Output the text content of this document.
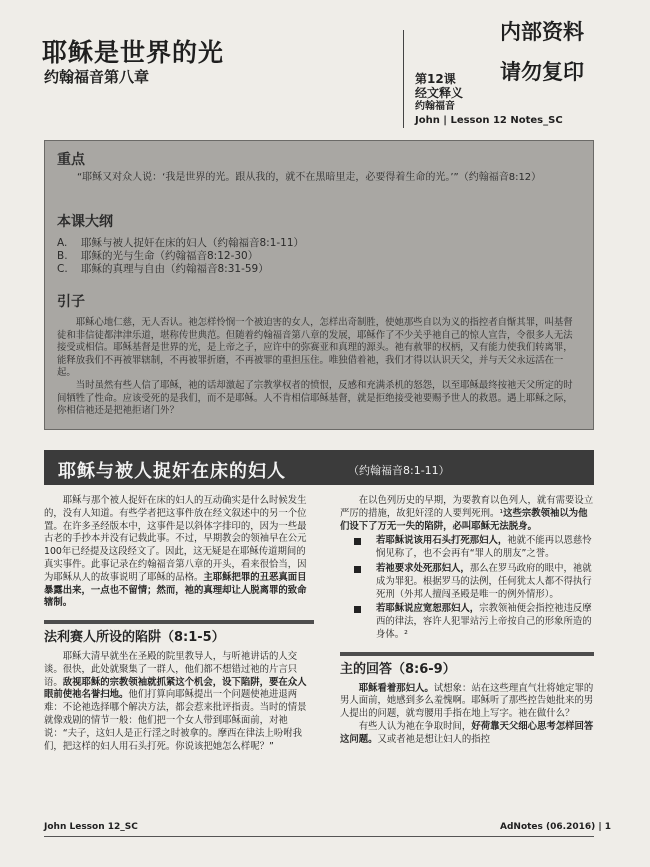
耶稣是世界的光
约翰福音第八章
内部资料
请勿复印
第12课
经文释义
约翰福音
John | Lesson 12 Notes_SC
重点
“耶稣又对众人说：‘我是世界的光。跟从我的，就不在黑暗里走，必要得着生命的光。’”（约翰福音8:12）
本课大纲
A. 耶稣与被人捉奸在床的妇人（约翰福音8:1-11）
B. 耶稣的光与生命（约翰福音8:12-30）
C. 耶稣的真理与自由（约翰福音8:31-59）
引子

耶稣心地仁慈，无人否认。祂怎样怜悯一个被迫害的女人，怎样出奇制胜，使她那些自以为义的指控者自惭其罪，叫基督徒和非信徒都津津乐道，堪称传世典范。但随着约翰福音第八章的发展，耶稣作了不少关乎祂自己的惊人宣告，令很多人无法接受或相信。耶稣基督是世界的光，是上帝之子，应许中的弥赛亚和真理的源头。祂有赦罪的权柄，又有能力使我们转离罪，能释放我们不再被罪辖制，不再被罪折磨，不再被罪的重担压住。唯独借着祂，我们才得以认识天父，并与天父永远活在一起。

当时虽然有些人信了耶稣，祂的话却激起了宗教掌权者的愤恨，反感和充满杀机的怒怨，以至耶稣最终按祂天父所定的时间牺牲了性命。应该受死的是我们，而不是耶稣。人不肯相信耶稣基督，就是拒绝接受祂要赐予世人的救恩。遇上耶稣之际，你相信祂还是把祂拒诸门外？

耶稣与被人捉奸在床的妇人	（约翰福音8:1-11）

耶稣与那个被人捉奸在床的妇人的互动确实是什么时候发生的，没有人知道。有些学者把这事件放在经文叙述中的另一个位置。在许多圣经版本中，这事件是以斜体字排印的，因为一些最古老的手抄本并没有记载此事。不过，早期教会的领袖早在公元100年已经提及这段经文了。因此，这无疑是在耶稣传道期间的真实事件。此事记录在约翰福音第八章的开头，看来很恰当，因为耶稣从人的故事说明了耶稣的品格。主耶稣把罪的丑恶真面目暴露出来，一点也不留情；然而，祂的真理却让人脱离罪的致命辖制。

法利赛人所设的陷阱（8:1-5）

耶稣大清早就坐在圣殿的院里教导人，与听祂讲话的人交谈。很快，此处就聚集了一群人，他们都不想错过祂的片言只语。敌视耶稣的宗教领袖就抓紧这个机会，设下陷阱，要在众人眼前使祂名誉扫地。他们打算向耶稣提出一个问题使祂进退两难：不论祂选择哪个解决方法，都会惹来批评指责。当时的情景就像戏剧的情节一般：他们把一个女人带到耶稣面前，对祂说：“夫子，这妇人是正行淫之时被拿的。摩西在律法上吩咐我们，把这样的妇人用石头打死。你说该把她怎么样呢？”

在以色列历史的早期，为要教育以色列人，就有需要设立严厉的措施，故犯奸淫的人要判死刑。¹这些宗教领袖以为他们设下了万无一失的陷阱，必叫耶稣无法脱身。

若耶稣说该用石头打死那妇人，祂就不能再以恩慈怜悯见称了，也不会再有“罪人的朋友”之誉。
若祂要求处死那妇人，那么在罗马政府的眼中，祂就成为罪犯。根据罗马的法例，任何犹太人都不得执行死刑（外邦人擅闯圣殿是唯一的例外情形）。
若耶稣说应宽恕那妇人，宗教领袖便会指控祂违反摩西的律法，容许人犯罪站污上帝按自己的形象所造的身体。²
主的回答（8:6-9）

耶稣看着那妇人。试想象：站在这些理直气壮将她定罪的男人面前，她感到多么羞愧啊。耶稣听了那些控告她批来的男人提出的问题，就弯腰用手指在地上写字。祂在做什么？

有些人认为祂在争取时间，好荷靠天父细心思考怎样回答这问题。又或者祂是想让妇人的指控

John Lesson 12_SC	AdNotes (06.2016) | 1
